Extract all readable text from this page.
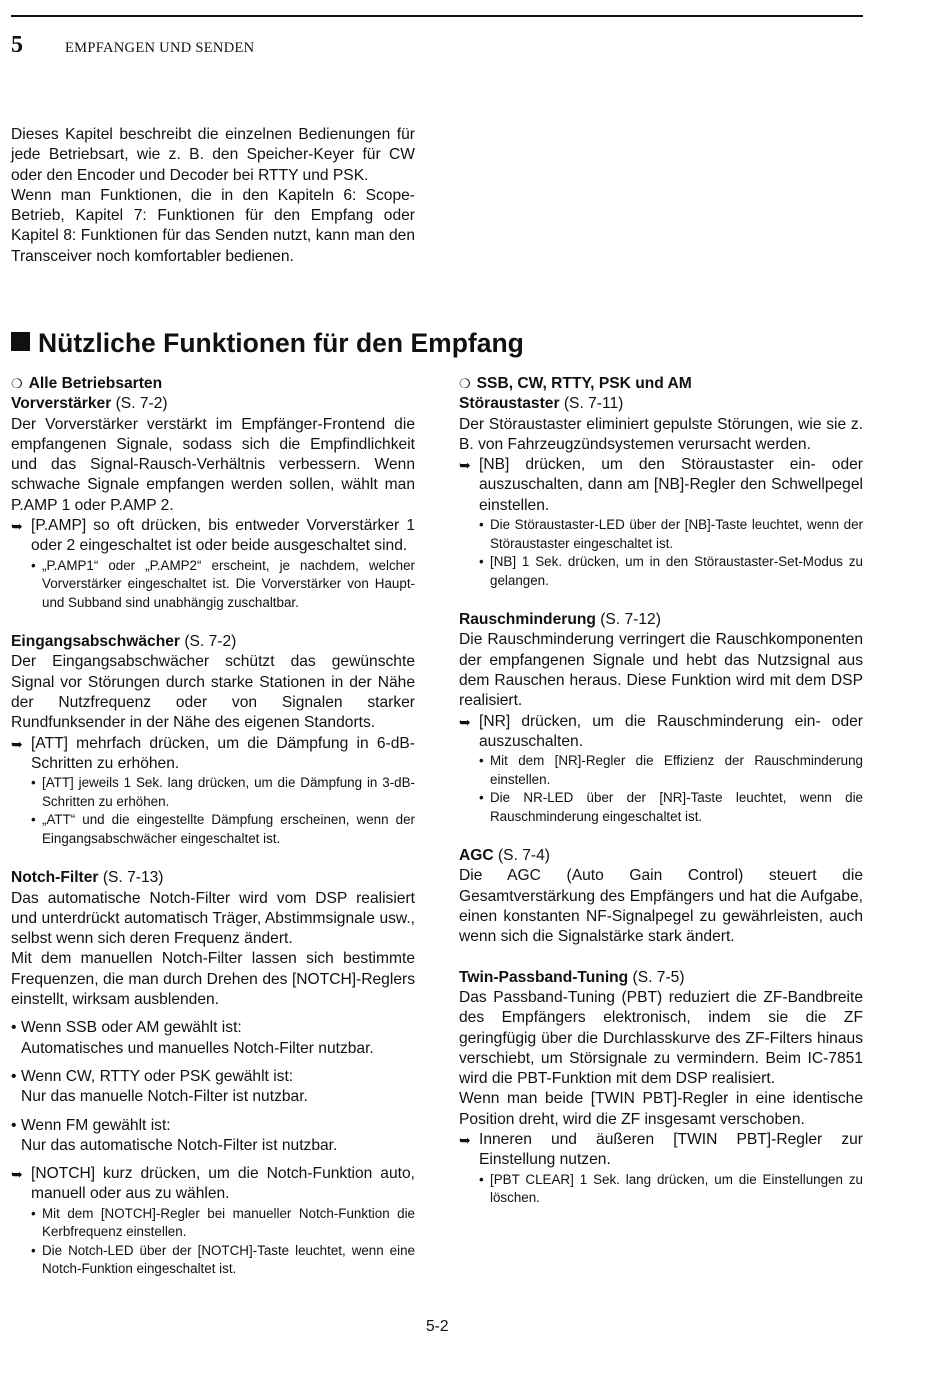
5	EMPFANGEN UND SENDEN

Dieses Kapitel beschreibt die einzelnen Bedienungen für jede Betriebsart, wie z. B. den Speicher-Keyer für CW oder den Encoder und Decoder bei RTTY und PSK.

Wenn man Funktionen, die in den Kapiteln 6: Scope-Betrieb, Kapitel 7: Funktionen für den Empfang oder Kapitel 8: Funktionen für das Senden nutzt, kann man den Transceiver noch komfortabler bedienen.

Nützliche Funktionen für den Empfang
❍ Alle Betriebsarten
Vorverstärker (S. 7-2)

Der Vorverstärker verstärkt im Empfänger-Frontend die empfangenen Signale, sodass sich die Empfindlichkeit und das Signal-Rausch-Verhältnis verbessern. Wenn schwache Signale empfangen werden sollen, wählt man P.AMP 1 oder P.AMP 2.

➥ [P.AMP] so oft drücken, bis entweder Vorverstärker 1 oder 2 eingeschaltet ist oder beide ausgeschaltet sind.

• „P.AMP1“ oder „P.AMP2“ erscheint, je nachdem, welcher Vorverstärker eingeschaltet ist. Die Vorverstärker von Haupt- und Subband sind unabhängig zuschaltbar.

Eingangsabschwächer (S. 7-2)

Der Eingangsabschwächer schützt das gewünschte Signal vor Störungen durch starke Stationen in der Nähe der Nutzfrequenz oder von Signalen starker Rundfunksender in der Nähe des eigenen Standorts.

➥ [ATT] mehrfach drücken, um die Dämpfung in 6-dB-Schritten zu erhöhen.

• [ATT] jeweils 1 Sek. lang drücken, um die Dämpfung in 3-dB-Schritten zu erhöhen.

• „ATT“ und die eingestellte Dämpfung erscheinen, wenn der Eingangsabschwächer eingeschaltet ist.

Notch-Filter (S. 7-13)

Das automatische Notch-Filter wird vom DSP realisiert und unterdrückt automatisch Träger, Abstimmsignale usw., selbst wenn sich deren Frequenz ändert.

Mit dem manuellen Notch-Filter lassen sich bestimmte Frequenzen, die man durch Drehen des [NOTCH]-Reglers einstellt, wirksam ausblenden.

• Wenn SSB oder AM gewählt ist:
Automatisches und manuelles Notch-Filter nutzbar.

• Wenn CW, RTTY oder PSK gewählt ist:
Nur das manuelle Notch-Filter ist nutzbar.

• Wenn FM gewählt ist:
Nur das automatische Notch-Filter ist nutzbar.

➥ [NOTCH] kurz drücken, um die Notch-Funktion auto, manuell oder aus zu wählen.

• Mit dem [NOTCH]-Regler bei manueller Notch-Funktion die Kerbfrequenz einstellen.

• Die Notch-LED über der [NOTCH]-Taste leuchtet, wenn eine Notch-Funktion eingeschaltet ist.

❍ SSB, CW, RTTY, PSK und AM
Störaustaster (S. 7-11)

Der Störaustaster eliminiert gepulste Störungen, wie sie z. B. von Fahrzeugzündsystemen verursacht werden.

➥ [NB] drücken, um den Störaustaster ein- oder auszuschalten, dann am [NB]-Regler den Schwellpegel einstellen.

• Die Störaustaster-LED über der [NB]-Taste leuchtet, wenn der Störaustaster eingeschaltet ist.

• [NB] 1 Sek. drücken, um in den Störaustaster-Set-Modus zu gelangen.

Rauschminderung (S. 7-12)

Die Rauschminderung verringert die Rauschkomponenten der empfangenen Signale und hebt das Nutzsignal aus dem Rauschen heraus. Diese Funktion wird mit dem DSP realisiert.

➥ [NR] drücken, um die Rauschminderung ein- oder auszuschalten.

• Mit dem [NR]-Regler die Effizienz der Rauschminderung einstellen.

• Die NR-LED über der [NR]-Taste leuchtet, wenn die Rauschminderung eingeschaltet ist.

AGC (S. 7-4)

Die AGC (Auto Gain Control) steuert die Gesamtverstärkung des Empfängers und hat die Aufgabe, einen konstanten NF-Signalpegel zu gewährleisten, auch wenn sich die Signalstärke stark ändert.

Twin-Passband-Tuning (S. 7-5)

Das Passband-Tuning (PBT) reduziert die ZF-Bandbreite des Empfängers elektronisch, indem sie die ZF geringfügig über die Durchlasskurve des ZF-Filters hinaus verschiebt, um Störsignale zu vermindern. Beim IC-7851 wird die PBT-Funktion mit dem DSP realisiert.

Wenn man beide [TWIN PBT]-Regler in eine identische Position dreht, wird die ZF insgesamt verschoben.

➥ Inneren und äußeren [TWIN PBT]-Regler zur Einstellung nutzen.

• [PBT CLEAR] 1 Sek. lang drücken, um die Einstellungen zu löschen.

5-2
